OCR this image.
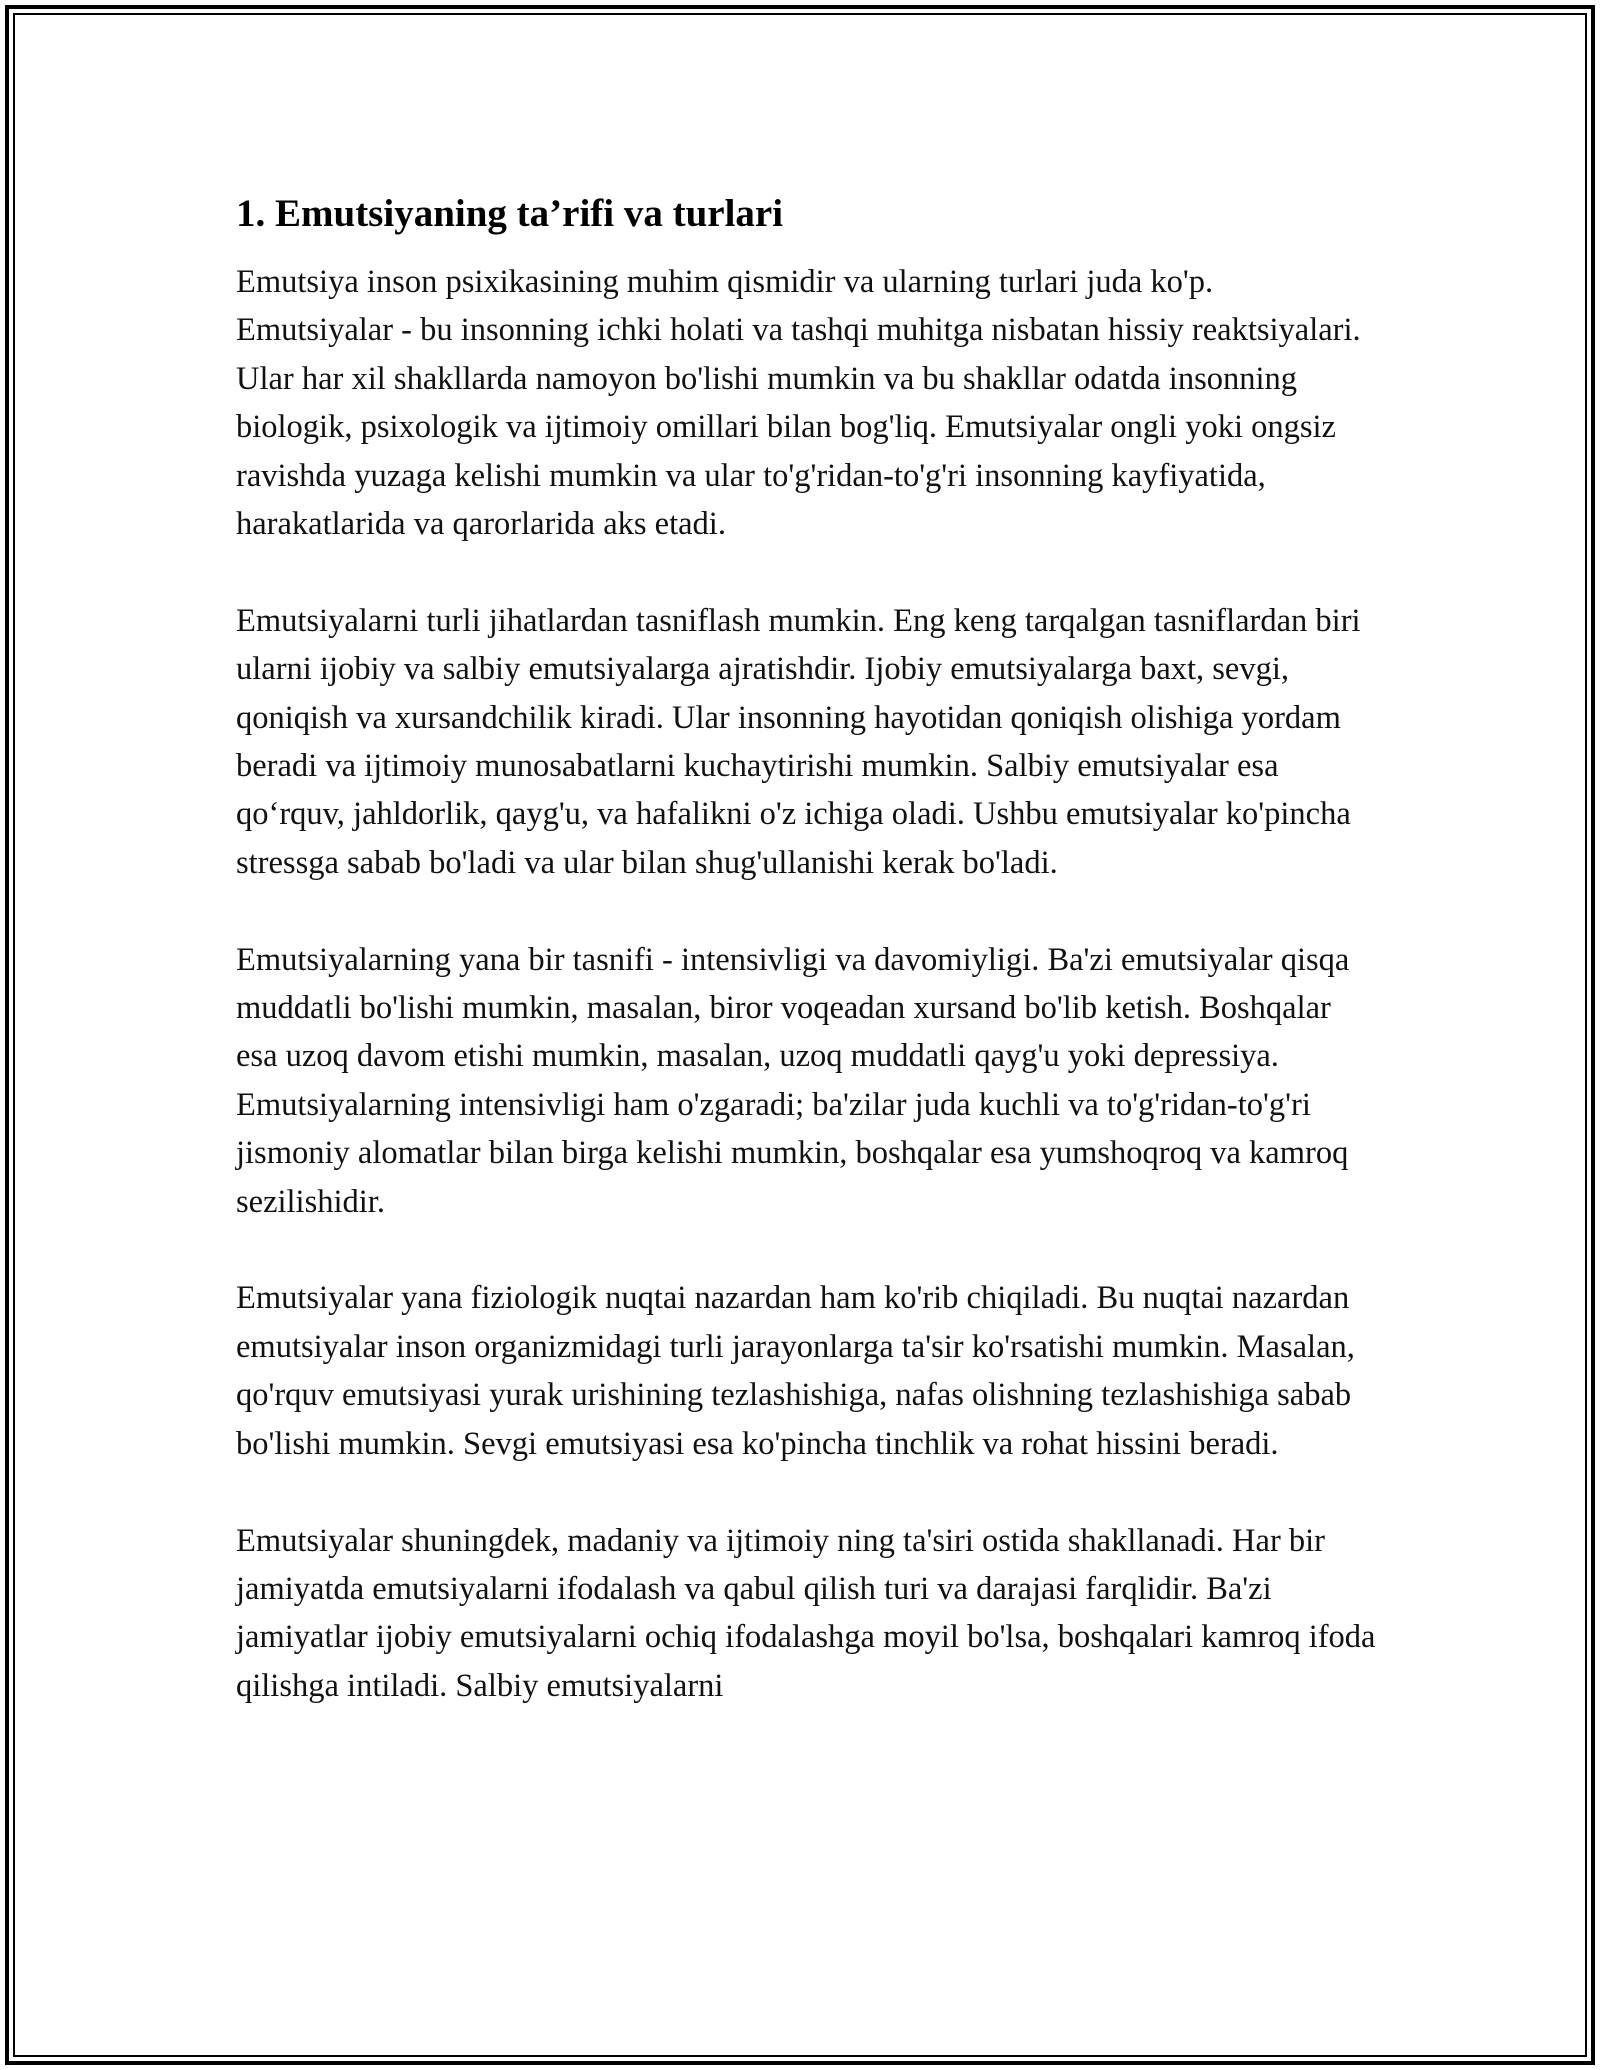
1. Emutsiyaning ta’rifi va turlari

Emutsiya inson psixikasining muhim qismidir va ularning turlari juda ko'p. Emutsiyalar - bu insonning ichki holati va tashqi muhitga nisbatan hissiy reaktsiyalari. Ular har xil shakllarda namoyon bo'lishi mumkin va bu shakllar odatda insonning biologik, psixologik va ijtimoiy omillari bilan bog'liq. Emutsiyalar ongli yoki ongsiz ravishda yuzaga kelishi mumkin va ular to'g'ridan-to'g'ri insonning kayfiyatida, harakatlarida va qarorlarida aks etadi.

Emutsiyalarni turli jihatlardan tasniflash mumkin. Eng keng tarqalgan tasniflardan biri ularni ijobiy va salbiy emutsiyalarga ajratishdir. Ijobiy emutsiyalarga baxt, sevgi, qoniqish va xursandchilik kiradi. Ular insonning hayotidan qoniqish olishiga yordam beradi va ijtimoiy munosabatlarni kuchaytirishi mumkin. Salbiy emutsiyalar esa qo‘rquv, jahldorlik, qayg'u, va hafalikni o'z ichiga oladi. Ushbu emutsiyalar ko'pincha stressga sabab bo'ladi va ular bilan shug'ullanishi kerak bo'ladi.

Emutsiyalarning yana bir tasnifi - intensivligi va davomiyligi. Ba'zi emutsiyalar qisqa muddatli bo'lishi mumkin, masalan, biror voqeadan xursand bo'lib ketish. Boshqalar esa uzoq davom etishi mumkin, masalan, uzoq muddatli qayg'u yoki depressiya. Emutsiyalarning intensivligi ham o'zgaradi; ba'zilar juda kuchli va to'g'ridan-to'g'ri jismoniy alomatlar bilan birga kelishi mumkin, boshqalar esa yumshoqroq va kamroq sezilishidir.

Emutsiyalar yana fiziologik nuqtai nazardan ham ko'rib chiqiladi. Bu nuqtai nazardan emutsiyalar inson organizmidagi turli jarayonlarga ta'sir ko'rsatishi mumkin. Masalan, qo'rquv emutsiyasi yurak urishining tezlashishiga, nafas olishning tezlashishiga sabab bo'lishi mumkin. Sevgi emutsiyasi esa ko'pincha tinchlik va rohat hissini beradi.

Emutsiyalar shuningdek, madaniy va ijtimoiy ning ta'siri ostida shakllanadi. Har bir jamiyatda emutsiyalarni ifodalash va qabul qilish turi va darajasi farqlidir. Ba'zi jamiyatlar ijobiy emutsiyalarni ochiq ifodalashga moyil bo'lsa, boshqalari kamroq ifoda qilishga intiladi. Salbiy emutsiyalarni
